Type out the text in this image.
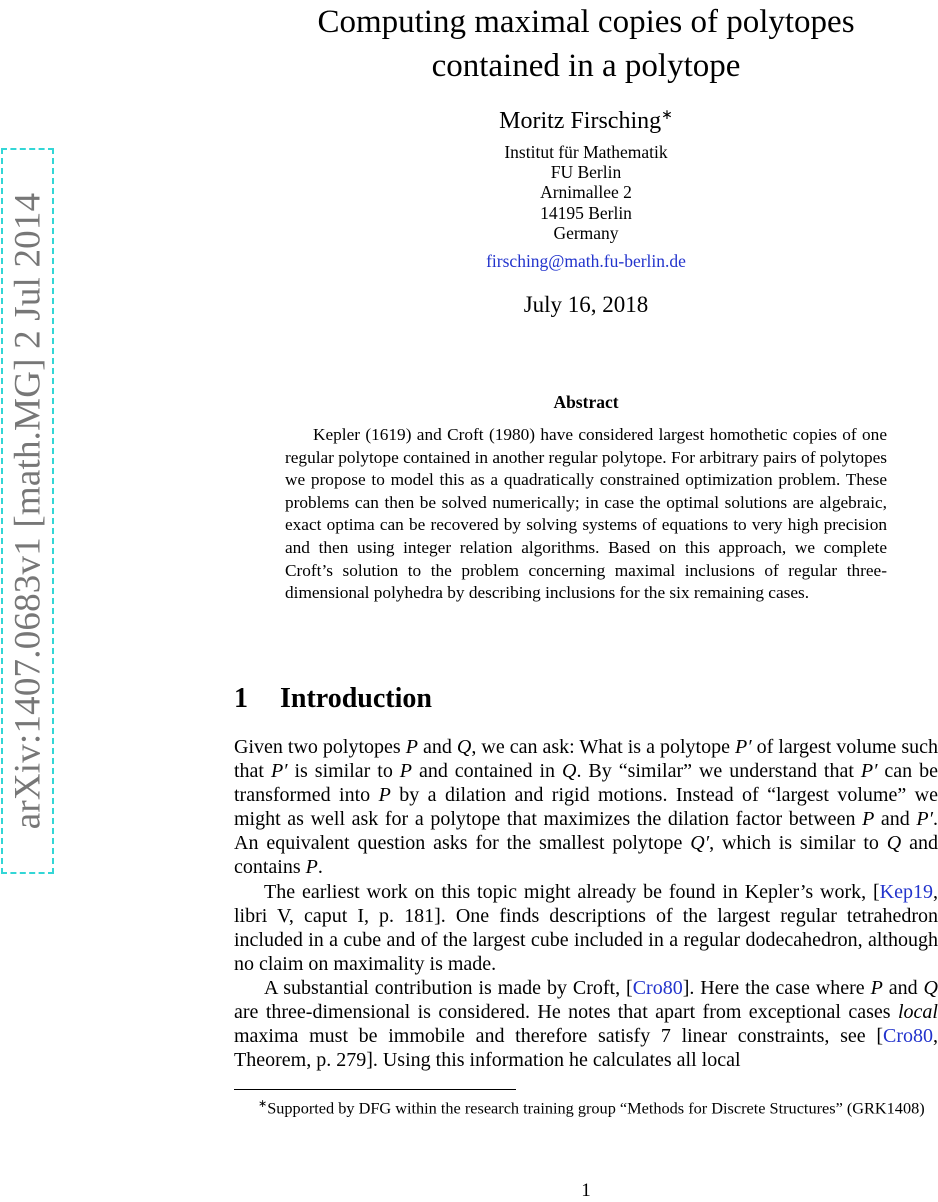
arXiv:1407.0683v1 [math.MG] 2 Jul 2014
Computing maximal copies of polytopes
contained in a polytope
Moritz Firsching∗
Institut für Mathematik
FU Berlin
Arnimallee 2
14195 Berlin
Germany
firsching@math.fu-berlin.de
July 16, 2018
Abstract
Kepler (1619) and Croft (1980) have considered largest homothetic copies of one regular polytope contained in another regular polytope. For arbitrary pairs of polytopes we propose to model this as a quadratically constrained optimization problem. These problems can then be solved numerically; in case the optimal solutions are algebraic, exact optima can be recovered by solving systems of equations to very high precision and then using integer relation algorithms. Based on this approach, we complete Croft’s solution to the problem concerning maximal inclusions of regular three-dimensional polyhedra by describing inclusions for the six remaining cases.
1 Introduction

Given two polytopes P and Q, we can ask: What is a polytope P′ of largest volume such that P′ is similar to P and contained in Q. By “similar” we understand that P′ can be transformed into P by a dilation and rigid motions. Instead of “largest volume” we might as well ask for a polytope that maximizes the dilation factor between P and P′. An equivalent question asks for the smallest polytope Q′, which is similar to Q and contains P.

The earliest work on this topic might already be found in Kepler’s work, [Kep19, libri V, caput I, p. 181]. One finds descriptions of the largest regular tetrahedron included in a cube and of the largest cube included in a regular dodecahedron, although no claim on maximality is made.

A substantial contribution is made by Croft, [Cro80]. Here the case where P and Q are three-dimensional is considered. He notes that apart from exceptional cases local maxima must be immobile and therefore satisfy 7 linear constraints, see [Cro80, Theorem, p. 279]. Using this information he calculates all local

∗Supported by DFG within the research training group “Methods for Discrete Structures” (GRK1408)
1
